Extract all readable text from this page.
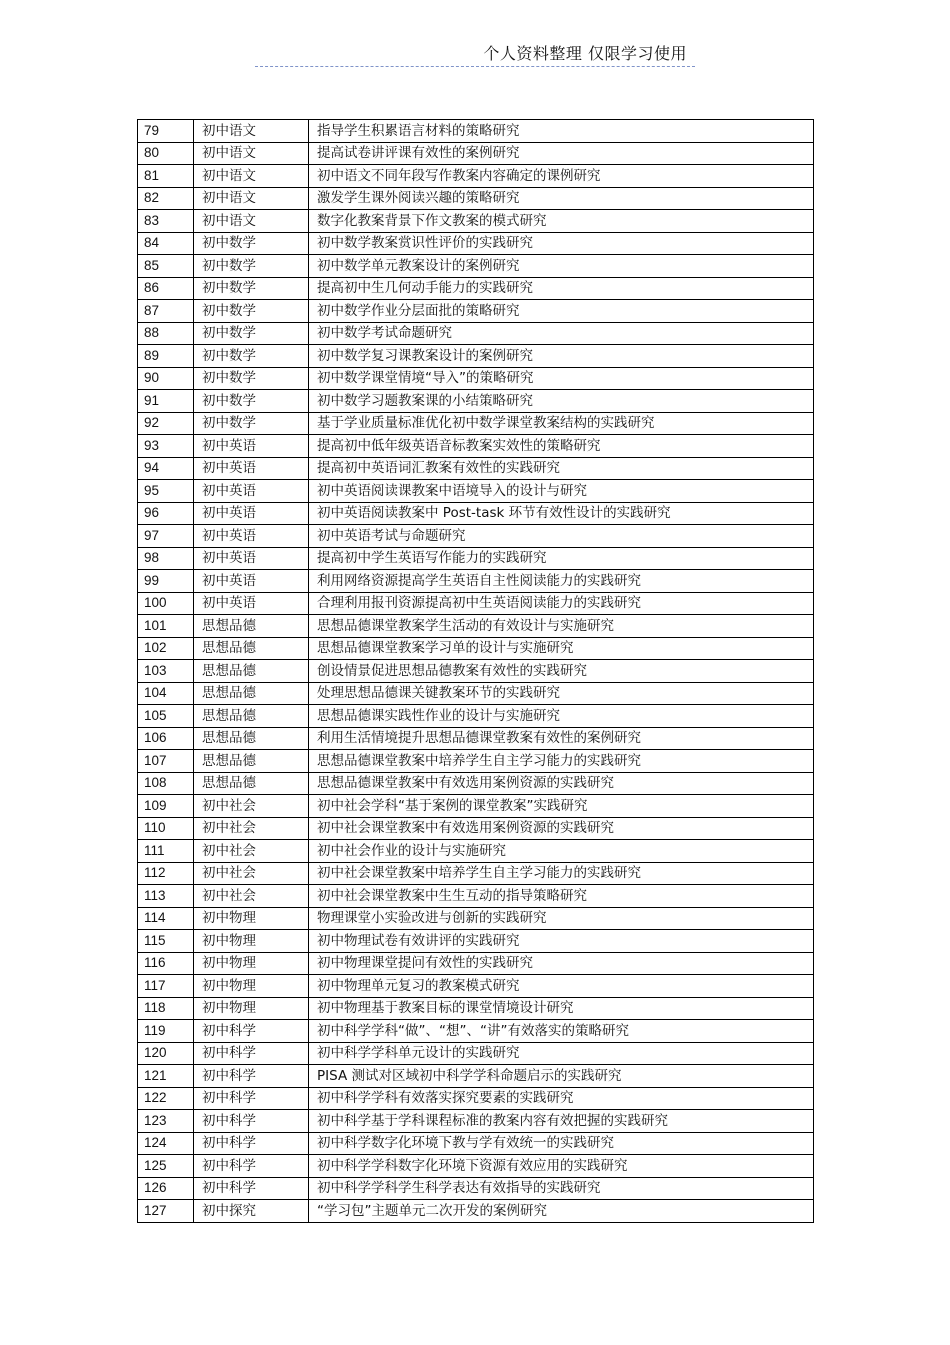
个人资料整理 仅限学习使用
79	初中语文	指导学生积累语言材料的策略研究
80	初中语文	提高试卷讲评课有效性的案例研究
81	初中语文	初中语文不同年段写作教案内容确定的课例研究
82	初中语文	激发学生课外阅读兴趣的策略研究
83	初中语文	数字化教案背景下作文教案的模式研究
84	初中数学	初中数学教案赏识性评价的实践研究
85	初中数学	初中数学单元教案设计的案例研究
86	初中数学	提高初中生几何动手能力的实践研究
87	初中数学	初中数学作业分层面批的策略研究
88	初中数学	初中数学考试命题研究
89	初中数学	初中数学复习课教案设计的案例研究
90	初中数学	初中数学课堂情境“导入”的策略研究
91	初中数学	初中数学习题教案课的小结策略研究
92	初中数学	基于学业质量标准优化初中数学课堂教案结构的实践研究
93	初中英语	提高初中低年级英语音标教案实效性的策略研究
94	初中英语	提高初中英语词汇教案有效性的实践研究
95	初中英语	初中英语阅读课教案中语境导入的设计与研究
96	初中英语	初中英语阅读教案中 Post-task 环节有效性设计的实践研究
97	初中英语	初中英语考试与命题研究
98	初中英语	提高初中学生英语写作能力的实践研究
99	初中英语	利用网络资源提高学生英语自主性阅读能力的实践研究
100	初中英语	合理利用报刊资源提高初中生英语阅读能力的实践研究
101	思想品德	思想品德课堂教案学生活动的有效设计与实施研究
102	思想品德	思想品德课堂教案学习单的设计与实施研究
103	思想品德	创设情景促进思想品德教案有效性的实践研究
104	思想品德	处理思想品德课关键教案环节的实践研究
105	思想品德	思想品德课实践性作业的设计与实施研究
106	思想品德	利用生活情境提升思想品德课堂教案有效性的案例研究
107	思想品德	思想品德课堂教案中培养学生自主学习能力的实践研究
108	思想品德	思想品德课堂教案中有效选用案例资源的实践研究
109	初中社会	初中社会学科“基于案例的课堂教案”实践研究
110	初中社会	初中社会课堂教案中有效选用案例资源的实践研究
111	初中社会	初中社会作业的设计与实施研究
112	初中社会	初中社会课堂教案中培养学生自主学习能力的实践研究
113	初中社会	初中社会课堂教案中生生互动的指导策略研究
114	初中物理	物理课堂小实验改进与创新的实践研究
115	初中物理	初中物理试卷有效讲评的实践研究
116	初中物理	初中物理课堂提问有效性的实践研究
117	初中物理	初中物理单元复习的教案模式研究
118	初中物理	初中物理基于教案目标的课堂情境设计研究
119	初中科学	初中科学学科“做”、“想”、“讲”有效落实的策略研究
120	初中科学	初中科学学科单元设计的实践研究
121	初中科学	PISA 测试对区域初中科学学科命题启示的实践研究
122	初中科学	初中科学学科有效落实探究要素的实践研究
123	初中科学	初中科学基于学科课程标准的教案内容有效把握的实践研究
124	初中科学	初中科学数字化环境下教与学有效统一的实践研究
125	初中科学	初中科学学科数字化环境下资源有效应用的实践研究
126	初中科学	初中科学学科学生科学表达有效指导的实践研究
127	初中探究	“学习包”主题单元二次开发的案例研究
